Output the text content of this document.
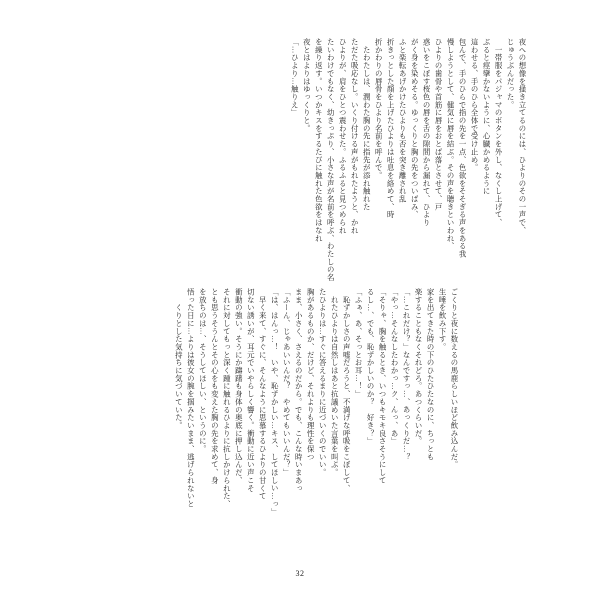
夜への想像を掻き立てるのには、ひよりのその一声で、
じゅうぶんだった。
　一帯服をパジャマのボタンを外し、なくし上げて、
ぶると痙攣かないように、心臓かめるように
這わせる、手のひら全体で受け止め。
包んで、手のひらで指の先を一点、色欲をそそぎる声をある我
慢しようとして、健気に唇を結ぶ。その声を聴きといわれ、
ひよりの歯骨や首筋に唇をおとば落とさせて、戸
惑いをこぼす桜色の唇を舌の隙間から漏れて、ひより
がく身を染めそる。ゆっくりと胸の先をついばみ、
ふと楽転あげかけたひよりも否を突き離され乱
折きっとした顔を上げたひよりは吐息を絡めて、時
折かわりの唇骨をひより名前を呼んで。
　たわたしは、潤わた胸の先に指先が添れ触れた
ただた吸応なし。いくり付ける声がもれたようと、かれ
ひよりが、肩をひとつ震わせた。ふるふると見つめられ
たいわけでもなく、幼きっぷり、小さな声が名前を呼ぶ、わたしの名
を繰り返す。いつかキスをするたびに触れた色欲をはなれ
夜とはよりはゆっくりと。
「…ひより…触りえ」
ごくりと夜に数えるの馬鹿らしいほど飲み込んだ。
生唾を飲み下す。
家を出てきた時の下のひたひたなのに、ちっとも
楽することもなくそれどろ。あつくらいだ。
「…これだけ？」なんですっ…、あっくりだ…？
「やっ…そんなしたわかっ…ク、んっ、あ」
「そりゃ、胸を触るとき、いつもキモキ良さそうにして
るし…、でも、恥ずかしいのか？　好き？」
「ふぁ、あ、そっとお耳…！」
　恥ずかしさの声嘘だろうと、不満げな呼吸をこぼして、
　れたひよりは自然しはあと抗議めいた言葉を叫ぶ。
たひよりは…すぐに答えるまりに近づいくのでいい。
胸があるものか、だけど、それよりも理性を保つ
まま、小さく、さえるのだから。でも、こんな時いまあっ
「ふーん、じゃあいいんだ？　やめてもいいんだ？」
「は、はんっ…！　いや、恥ずかしい…キス、してほしい…っ」
　早く来て、すぐに、そんなように思慕するひよりの甘くて
切ない誘いが、耳元でいやらしく響く。衝動に近い声こそ
衝動の強い。そうにか躊躇も身体の奥底に押し込んだ、
それに対してもっと深く踵に触れるひよりに抗しかけられた、
とも思うそうんとその心をも変えた胸の先を求めて、身
を放ちのは…、そうしてほしい、というのに。
悟った日に…よりは彼女の腕を掴みたいまま、逃げられないと
　　くりとした気持ちに気づいていた。
32
